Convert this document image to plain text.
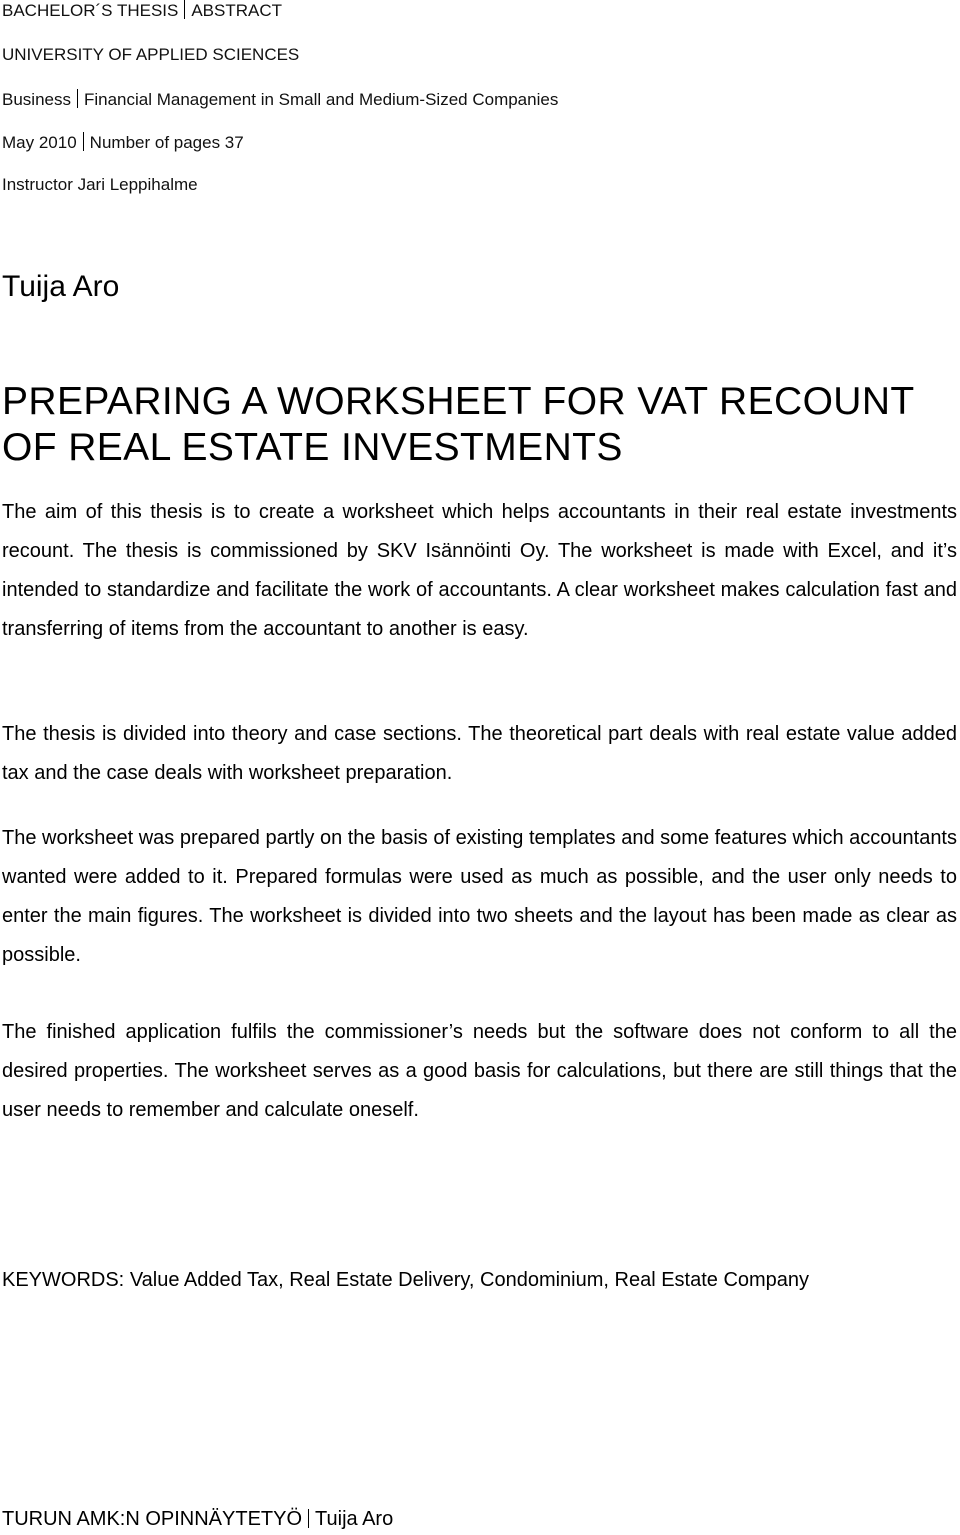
BACHELOR´S THESIS ABSTRACT
UNIVERSITY OF APPLIED SCIENCES
Business Financial Management in Small and Medium-Sized Companies
May 2010 Number of pages 37
Instructor Jari Leppihalme
Tuija Aro
PREPARING A WORKSHEET FOR VAT RECOUNT
OF REAL ESTATE INVESTMENTS

The aim of this thesis is to create a worksheet which helps accountants in their real estate investments recount. The thesis is commissioned by SKV Isännöinti Oy. The worksheet is made with Excel, and it’s intended to standardize and facilitate the work of accountants. A clear worksheet makes calculation fast and transferring of items from the accountant to another is easy.

The thesis is divided into theory and case sections. The theoretical part deals with real estate value added tax and the case deals with worksheet preparation.

The worksheet was prepared partly on the basis of existing templates and some features which accountants wanted were added to it. Prepared formulas were used as much as possible, and the user only needs to enter the main figures. The worksheet is divided into two sheets and the layout has been made as clear as possible.

The finished application fulfils the commissioner’s needs but the software does not conform to all the desired properties. The worksheet serves as a good basis for calculations, but there are still things that the user needs to remember and calculate oneself.

KEYWORDS: Value Added Tax, Real Estate Delivery, Condominium, Real Estate Company
TURUN AMK:N OPINNÄYTETYÖ Tuija Aro
